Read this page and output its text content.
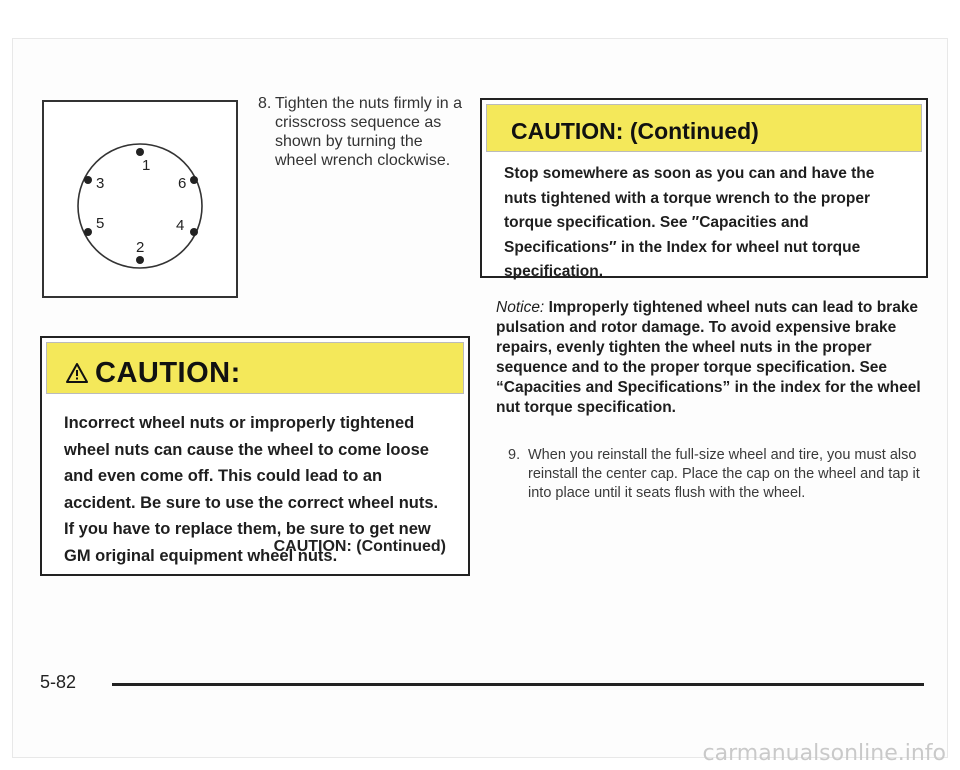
1
2
3
4
5
6
8. Tighten the nuts firmly in a crisscross sequence as shown by turning the wheel wrench clockwise.
CAUTION:
Incorrect wheel nuts or improperly tightened wheel nuts can cause the wheel to come loose and even come off. This could lead to an accident. Be sure to use the correct wheel nuts. If you have to replace them, be sure to get new GM original equipment wheel nuts.
CAUTION: (Continued)
CAUTION: (Continued)
Stop somewhere as soon as you can and have the nuts tightened with a torque wrench to the proper torque specification. See ″Capacities and Specifications″ in the Index for wheel nut torque specification.
Notice: Improperly tightened wheel nuts can lead to brake pulsation and rotor damage. To avoid expensive brake repairs, evenly tighten the wheel nuts in the proper sequence and to the proper torque specification. See “Capacities and Specifications” in the index for the wheel nut torque specification.
9. When you reinstall the full-size wheel and tire, you must also reinstall the center cap. Place the cap on the wheel and tap it into place until it seats flush with the wheel.
5-82
carmanualsonline.info
